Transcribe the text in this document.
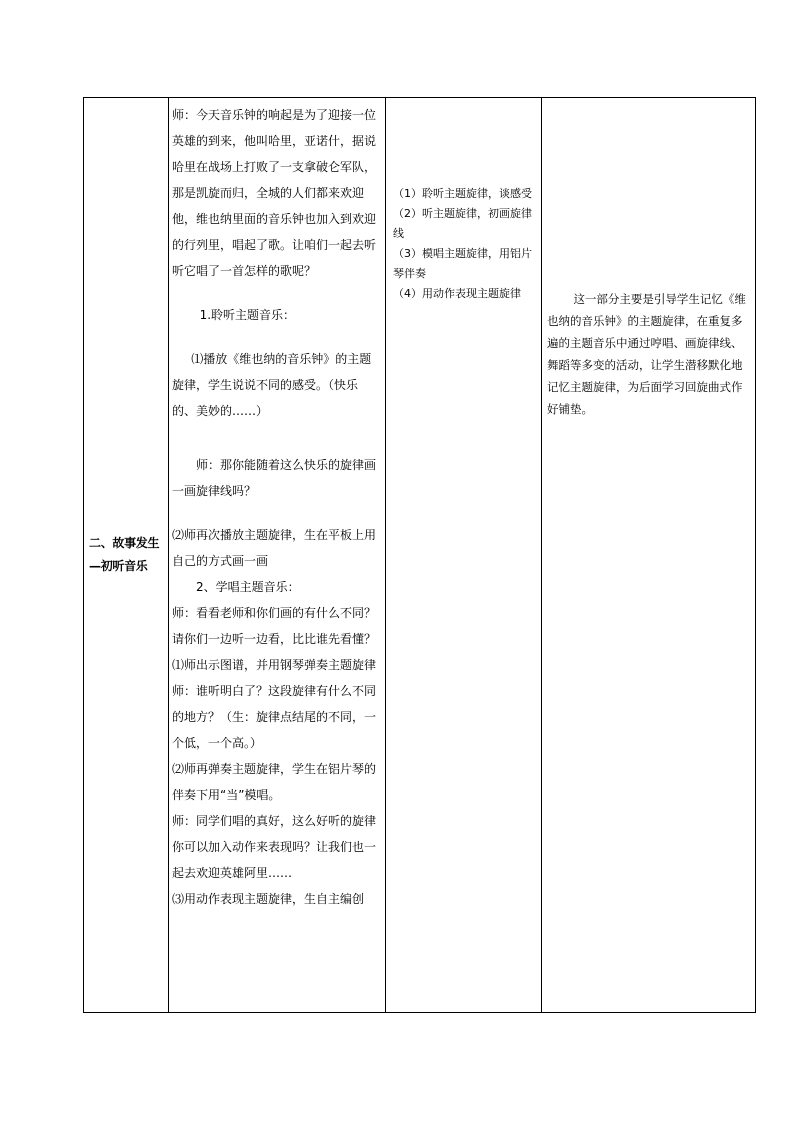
二、故事发生—初听音乐

师：今天音乐钟的响起是为了迎接一位英雄的到来，他叫哈里，亚诺什，据说哈里在战场上打败了一支拿破仑军队，那是凯旋而归，全城的人们都来欢迎他，维也纳里面的音乐钟也加入到欢迎的行列里，唱起了歌。让咱们一起去听听它唱了一首怎样的歌呢？

1.聆听主题音乐：

⑴播放《维也纳的音乐钟》的主题旋律，学生说说不同的感受。（快乐的、美妙的……）

师：那你能随着这么快乐的旋律画一画旋律线吗？

⑵师再次播放主题旋律，生在平板上用自己的方式画一画

2、学唱主题音乐：

师：看看老师和你们画的有什么不同？请你们一边听一边看，比比谁先看懂？

⑴师出示图谱，并用钢琴弹奏主题旋律

师：谁听明白了？这段旋律有什么不同的地方？（生：旋律点结尾的不同，一个低，一个高。）

⑵师再弹奏主题旋律，学生在铝片琴的伴奏下用“当”模唱。

师：同学们唱的真好，这么好听的旋律你可以加入动作来表现吗？让我们也一起去欢迎英雄阿里……

⑶用动作表现主题旋律，生自主编创

（1）聆听主题旋律，谈感受

（2）听主题旋律，初画旋律线

（3）模唱主题旋律，用铝片琴伴奏

（4）用动作表现主题旋律	这一部分主要是引导学生记忆《维也纳的音乐钟》的主题旋律，在重复多遍的主题音乐中通过哼唱、画旋律线、舞蹈等多变的活动，让学生潜移默化地记忆主题旋律，为后面学习回旋曲式作好铺垫。
